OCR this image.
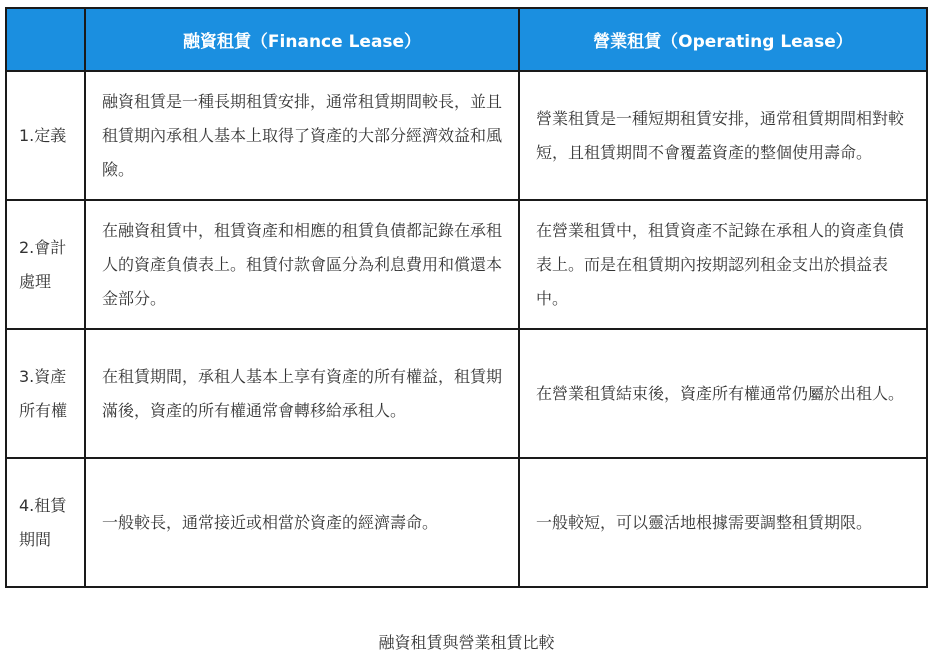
	融資租賃（Finance Lease）	營業租賃（Operating Lease）
1.定義	融資租賃是一種長期租賃安排，通常租賃期間較長，並且租賃期內承租人基本上取得了資產的大部分經濟效益和風險。	營業租賃是一種短期租賃安排，通常租賃期間相對較短，且租賃期間不會覆蓋資產的整個使用壽命。
2.會計處理	在融資租賃中，租賃資產和相應的租賃負債都記錄在承租人的資產負債表上。租賃付款會區分為利息費用和償還本金部分。	在營業租賃中，租賃資產不記錄在承租人的資產負債表上。而是在租賃期內按期認列租金支出於損益表中。
3.資產所有權	在租賃期間，承租人基本上享有資產的所有權益，租賃期滿後，資產的所有權通常會轉移給承租人。	在營業租賃結束後，資產所有權通常仍屬於出租人。
4.租賃期間	一般較長，通常接近或相當於資產的經濟壽命。	一般較短，可以靈活地根據需要調整租賃期限。
融資租賃與營業租賃比較
